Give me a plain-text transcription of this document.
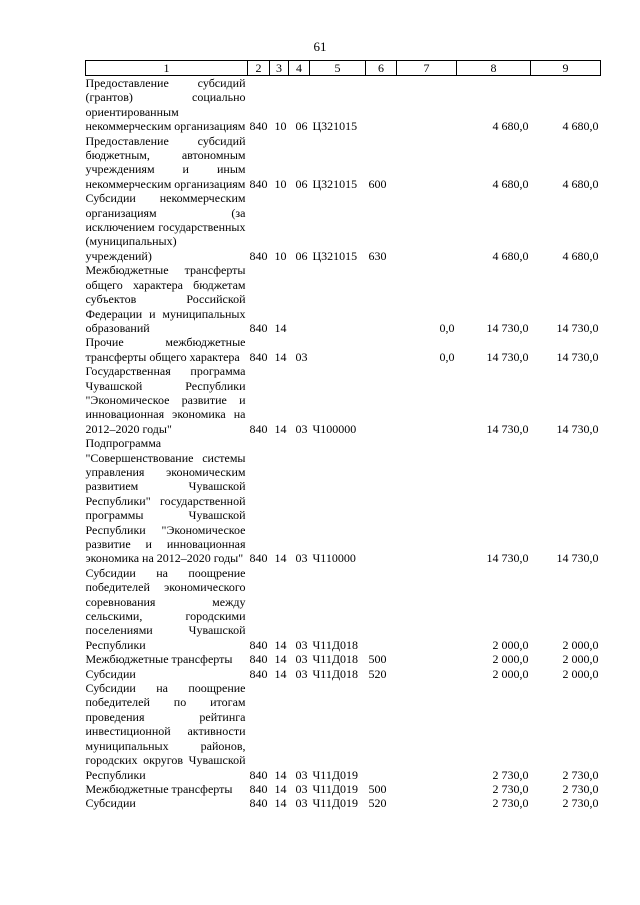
61
1	2	3	4	5	6	7	8	9
Предоставление субсидий (грантов) социально ориентированным некоммерческим организациям	840	10	06	Ц321015			4 680,0	4 680,0
Предоставление субсидий бюджетным, автономным учреждениям и иным некоммерческим организациям	840	10	06	Ц321015	600		4 680,0	4 680,0
Субсидии некоммерческим организациям (за исключением государственных (муниципальных) учреждений)	840	10	06	Ц321015	630		4 680,0	4 680,0
Межбюджетные трансферты общего характера бюджетам субъектов Российской Федерации и муниципальных образований	840	14				0,0	14 730,0	14 730,0
Прочие межбюджетные трансферты общего характера	840	14	03			0,0	14 730,0	14 730,0
Государственная программа Чувашской Республики "Экономическое развитие и инновационная экономика на 2012–2020 годы"	840	14	03	Ч100000			14 730,0	14 730,0
Подпрограмма "Совершенствование системы управления экономическим развитием Чувашской Республики" государственной программы Чувашской Республики "Экономическое развитие и инновационная экономика на 2012–2020 годы"	840	14	03	Ч110000			14 730,0	14 730,0
Субсидии на поощрение победителей экономического соревнования между сельскими, городскими поселениями Чувашской Республики	840	14	03	Ч11Д018			2 000,0	2 000,0
Межбюджетные трансферты	840	14	03	Ч11Д018	500		2 000,0	2 000,0
Субсидии	840	14	03	Ч11Д018	520		2 000,0	2 000,0
Субсидии на поощрение победителей по итогам проведения рейтинга инвестиционной активности муниципальных районов, городских округов Чувашской Республики	840	14	03	Ч11Д019			2 730,0	2 730,0
Межбюджетные трансферты	840	14	03	Ч11Д019	500		2 730,0	2 730,0
Субсидии	840	14	03	Ч11Д019	520		2 730,0	2 730,0
